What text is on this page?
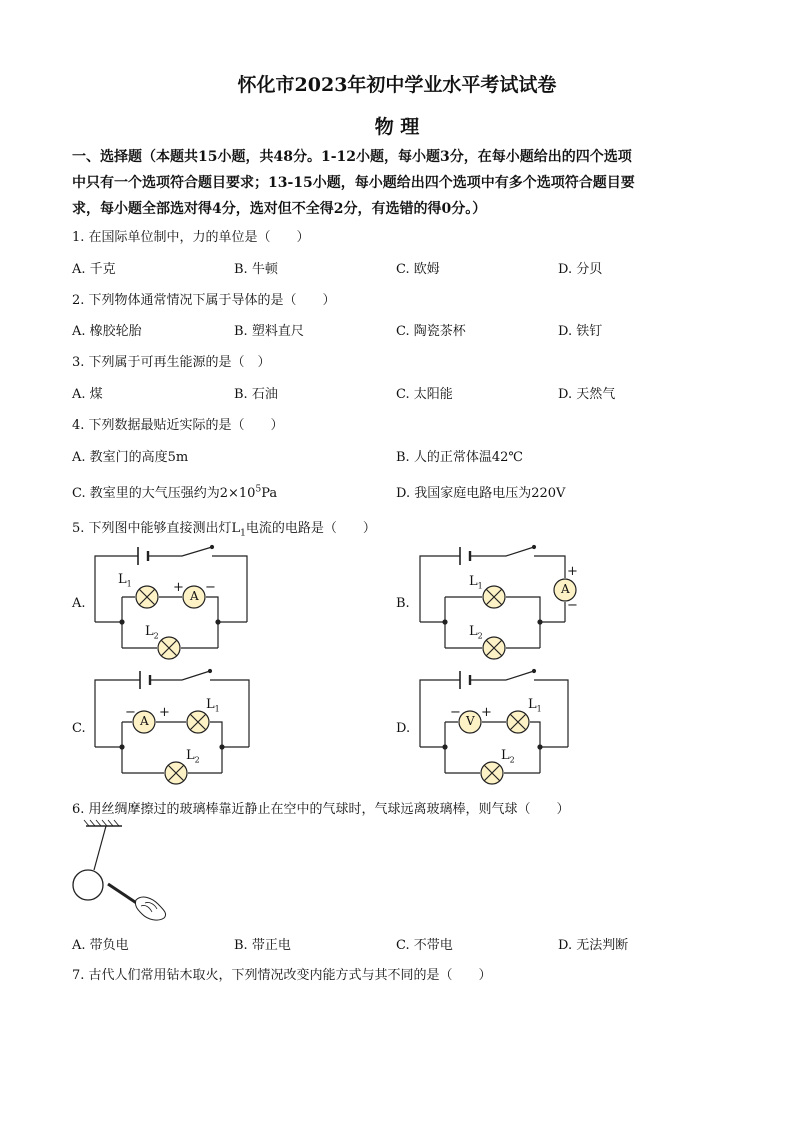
怀化市2023年初中学业水平考试试卷
物 理
一、选择题（本题共15小题，共48分。1-12小题，每小题3分，在每小题给出的四个选项
中只有一个选项符合题目要求；13-15小题，每小题给出四个选项中有多个选项符合题目要
求，每小题全部选对得4分，选对但不全得2分，有选错的得0分。）
1. 在国际单位制中，力的单位是（　　）
A. 千克	B. 牛顿	C. 欧姆	D. 分贝
2. 下列物体通常情况下属于导体的是（　　）
A. 橡胶轮胎	B. 塑料直尺	C. 陶瓷茶杯	D. 铁钉
3. 下列属于可再生能源的是（　）
A. 煤	B. 石油	C. 太阳能	D. 天然气
4. 下列数据最贴近实际的是（　　）
A. 教室门的高度5m	B. 人的正常体温42℃
C. 教室里的大气压强约为$2\times 10^5Pa$	D. 我国家庭电路电压为220V
5. 下列图中能够直接测出灯$L_1$电流的电路是（　　）
A.	B.
C.	D.
$L_1$	+ −
A
$L_2$
$L_1$
$L_2$
+
−
A
− +
A
$L_1$
$L_2$
− +
V
$L_1$
$L_2$
6. 用丝绸摩擦过的玻璃棒靠近静止在空中的气球时，气球远离玻璃棒，则气球（　　）
A. 带负电	B. 带正电	C. 不带电	D. 无法判断
7. 古代人们常用钻木取火，下列情况改变内能方式与其不同的是（　　）
